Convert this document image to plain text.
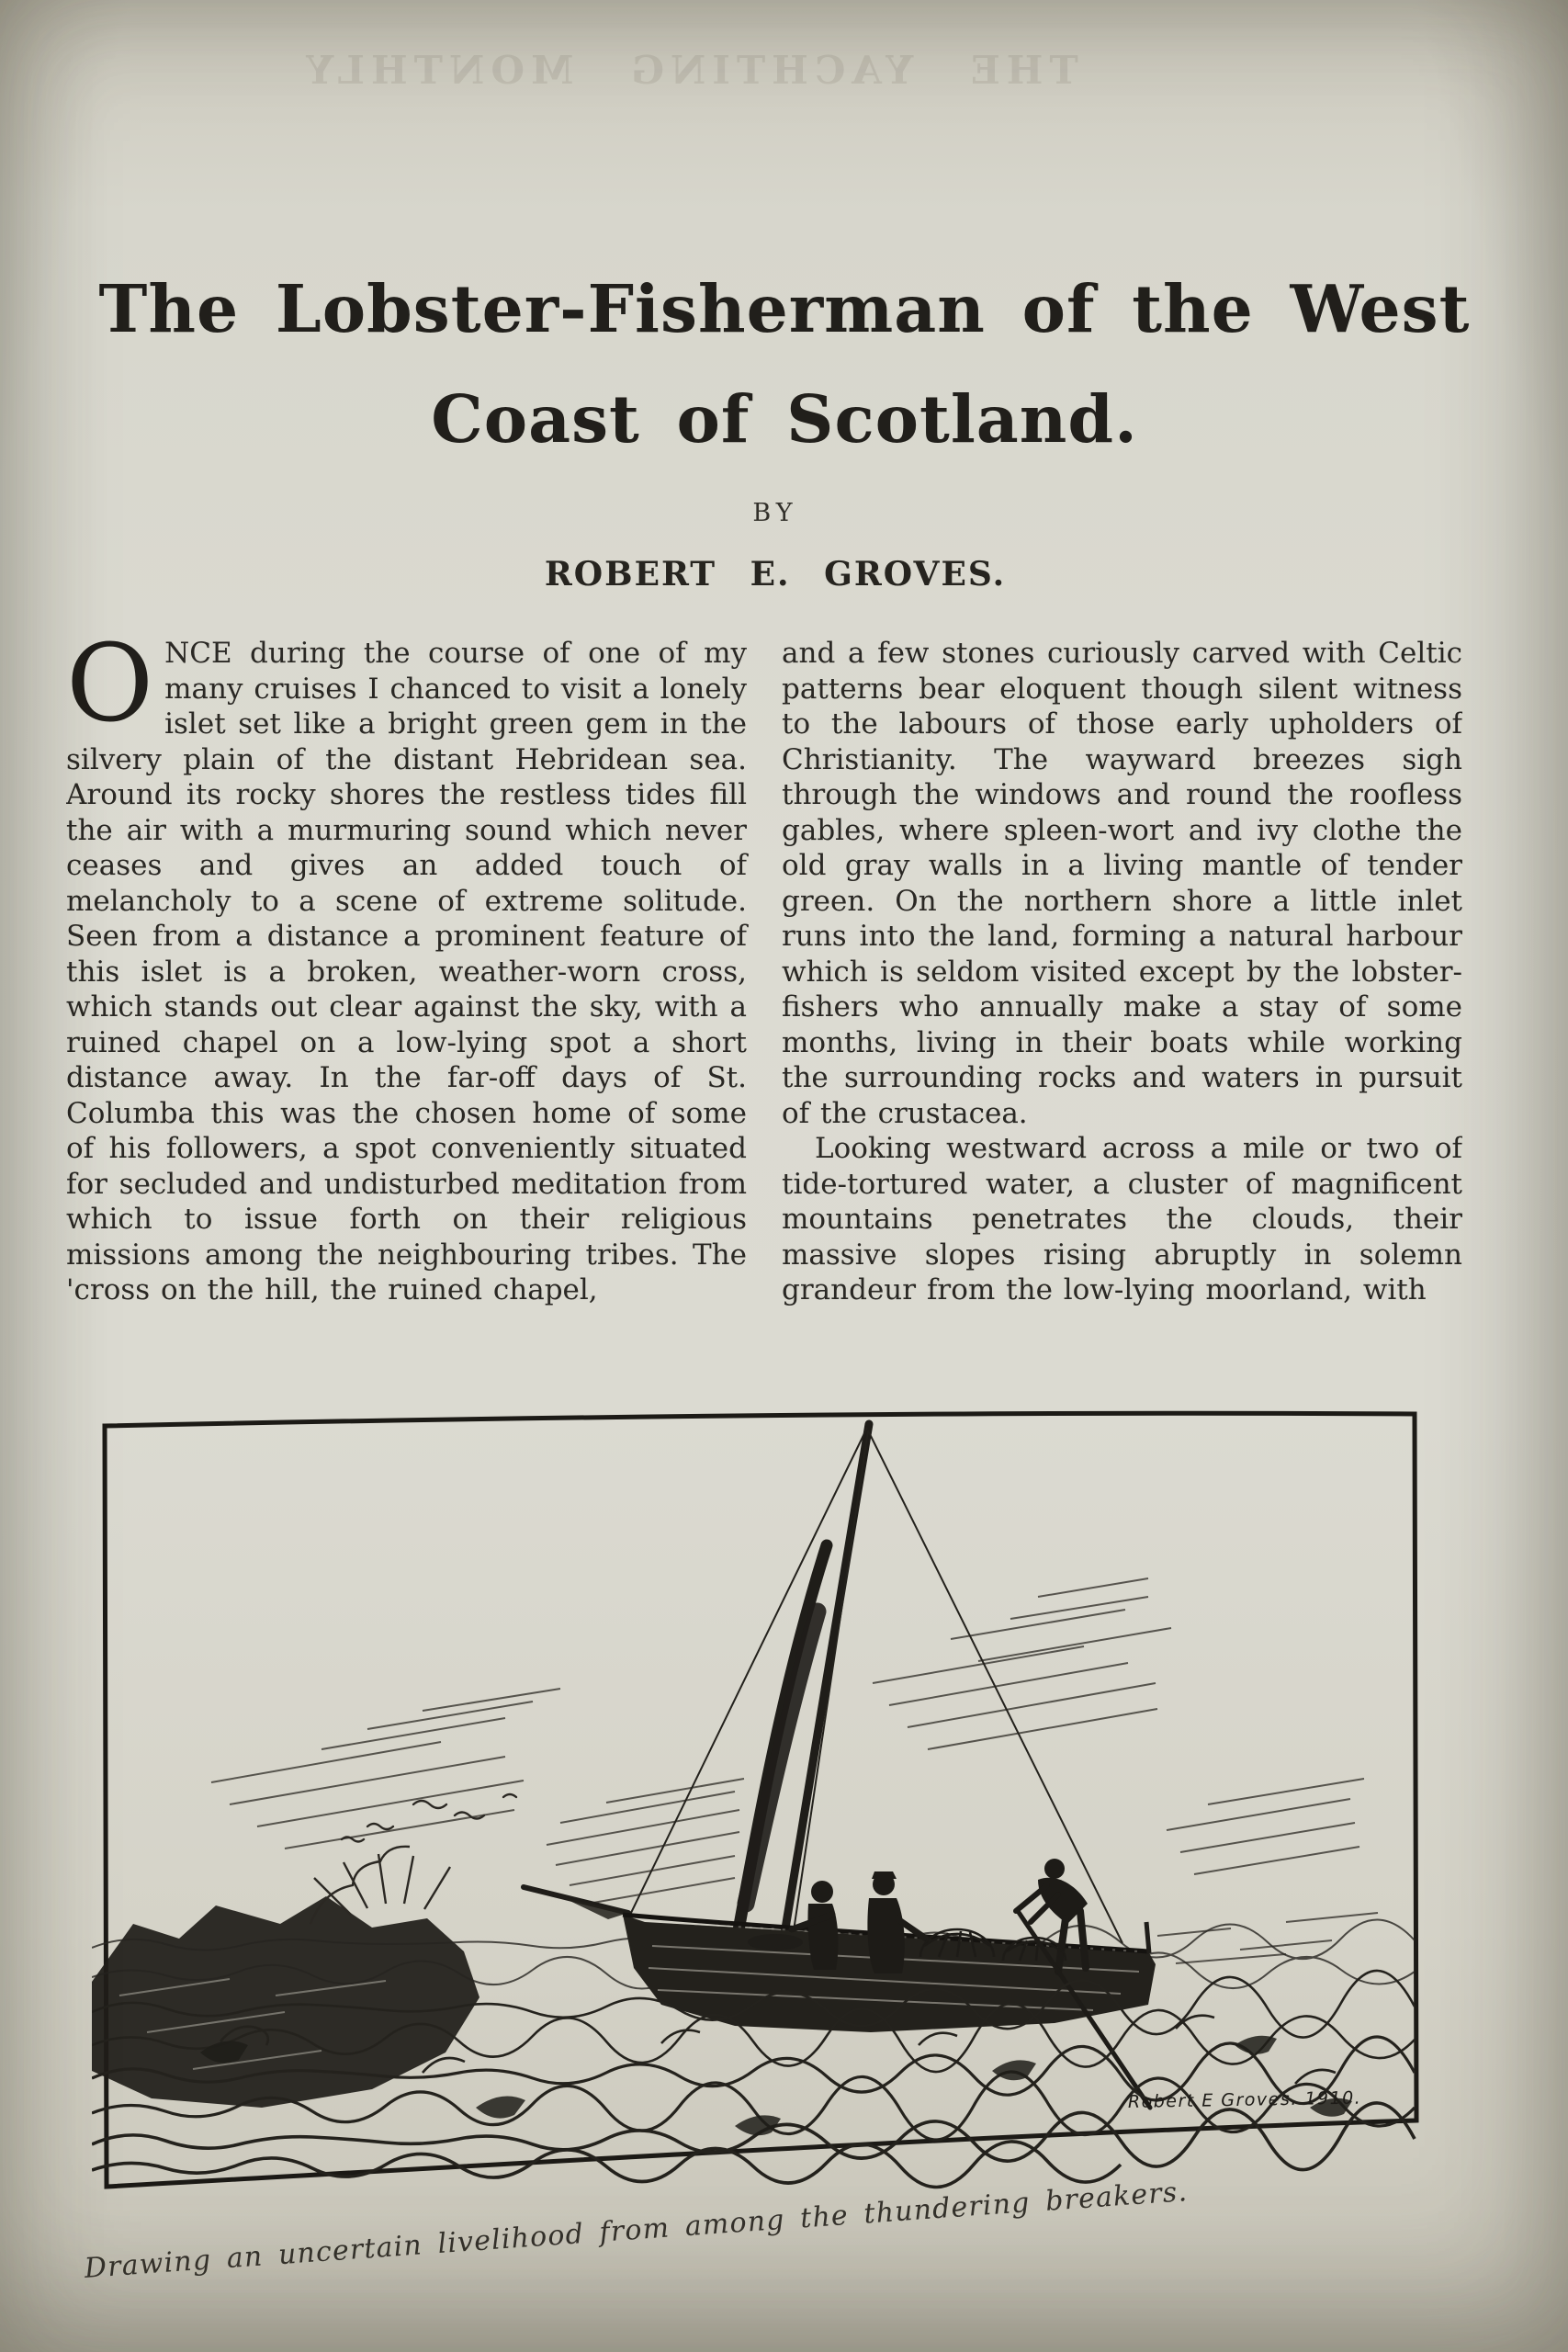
THE YACHTING MONTHLY
The Lobster-Fisherman of the West
Coast of Scotland.
BY
ROBERT E. GROVES.

ONCE during the course of one of my many cruises I chanced to visit a lonely islet set like a bright green gem in the silvery plain of the distant Hebridean sea. Around its rocky shores the restless tides fill the air with a murmuring sound which never ceases and gives an added touch of melancholy to a scene of extreme solitude. Seen from a distance a prominent feature of this islet is a broken, weather-worn cross, which stands out clear against the sky, with a ruined chapel on a low-lying spot a short distance away. In the far-off days of St. Columba this was the chosen home of some of his followers, a spot conveniently situated for secluded and undisturbed meditation from which to issue forth on their religious missions among the neighbouring tribes. The 'cross on the hill, the ruined chapel,

and a few stones curiously carved with Celtic patterns bear eloquent though silent witness to the labours of those early upholders of Christianity. The wayward breezes sigh through the windows and round the roofless gables, where spleen-wort and ivy clothe the old gray walls in a living mantle of tender green. On the northern shore a little inlet runs into the land, forming a natural harbour which is seldom visited except by the lobster-fishers who annually make a stay of some months, living in their boats while working the surrounding rocks and waters in pursuit of the crustacea.

Looking westward across a mile or two of tide-tortured water, a cluster of magnificent mountains penetrates the clouds, their massive slopes rising abruptly in solemn grandeur from the low-lying moorland, with

Robert E Groves. 1910.
Drawing an uncertain livelihood from among the thundering breakers.
